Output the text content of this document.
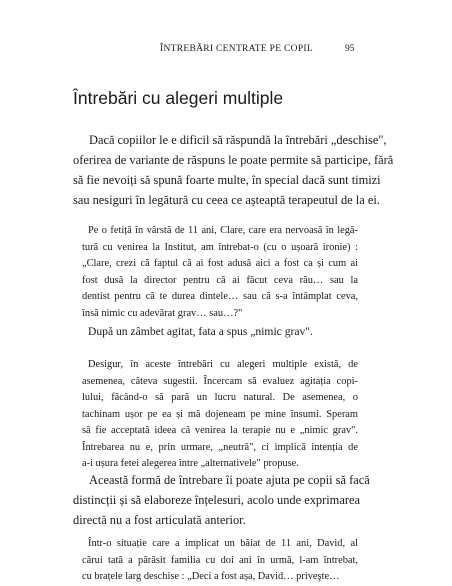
ÎNTREBĂRI CENTRATE PE COPIL	95
Întrebări cu alegeri multiple
Dacă copiilor le e dificil să răspundă la întrebări „deschise",
oferirea de variante de răspuns le poate permite să participe, fără
să fie nevoiți să spună foarte multe, în special dacă sunt timizi
sau nesiguri în legătură cu ceea ce așteaptă terapeutul de la ei.
Pe o fetiță în vârstă de 11 ani, Clare, care era nervoasă în legă-
tură cu venirea la Institut, am întrebat-o (cu o ușoară ironie) :
„Clare, crezi că faptul că ai fost adusă aici a fost ca și cum ai
fost dusă la director pentru că ai făcut ceva rău… sau la
dentist pentru că te durea dintele… sau că s-a întâmplat ceva,
însă nimic cu adevărat grav… sau…?"
După un zâmbet agitat, fata a spus „nimic grav".
Desigur, în aceste întrebări cu alegeri multiple există, de
asemenea, câteva sugestii. Încercam să evaluez agitația copi-
lului, făcând-o să pară un lucru natural. De asemenea, o
tachinam ușor pe ea și mă dojeneam pe mine însumi. Speram
să fie acceptată ideea că venirea la terapie nu e „nimic grav".
Întrebarea nu e, prin urmare, „neutră", ci implică intenția de
a-i ușura fetei alegerea între „alternativele" propuse.
Această formă de întrebare îi poate ajuta pe copii să facă
distincții și să elaboreze înțelesuri, acolo unde exprimarea
directă nu a fost articulată anterior.
Într-o situație care a implicat un băiat de 11 ani, David, al
cărui tată a părăsit familia cu doi ani în urmă, l-am întrebat,
cu brațele larg deschise : „Deci a fost așa, David… priveşte…
